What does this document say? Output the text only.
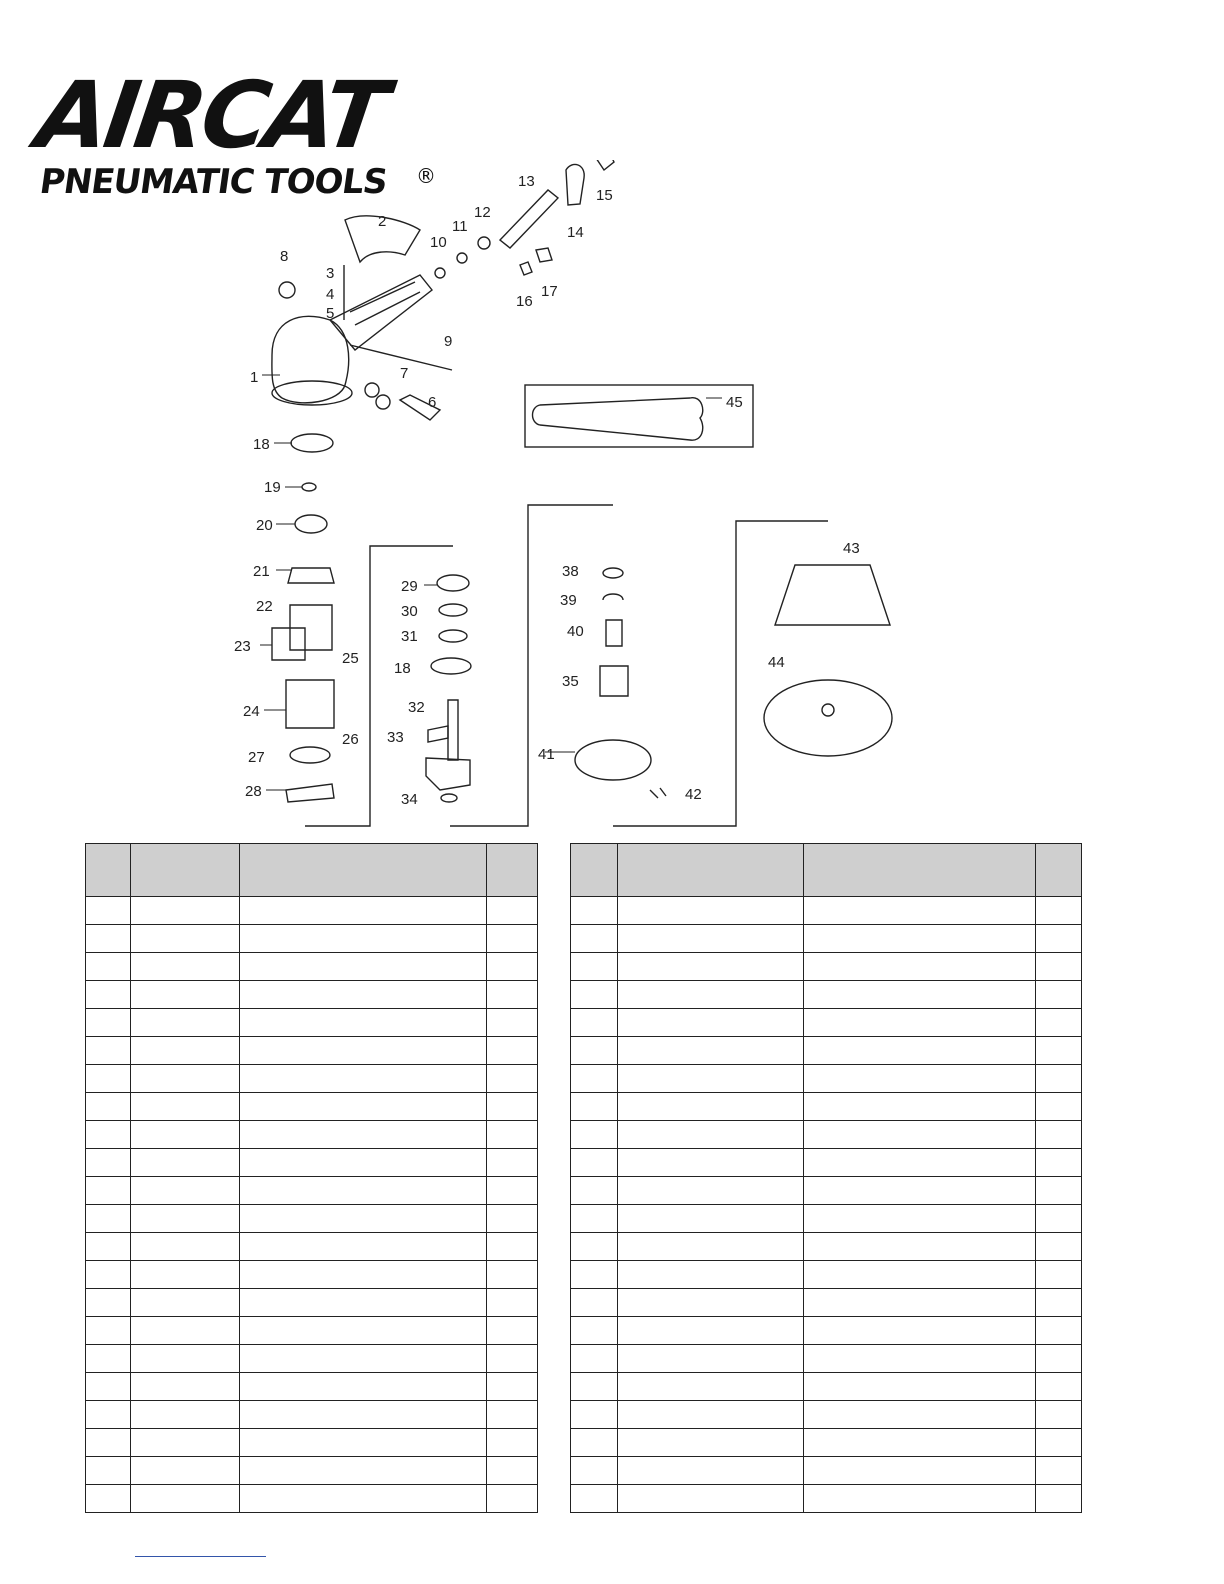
AIRCAT
PNEUMATIC TOOLS ®
1
2
3
4
5
6
7
8
9
10
11
12
13
14
15
16
17
18
19
20
21
22
23
24
25
26
27
28
29
30
31
18
32
33
34
35
38
39
40
41
42
43
44
45
